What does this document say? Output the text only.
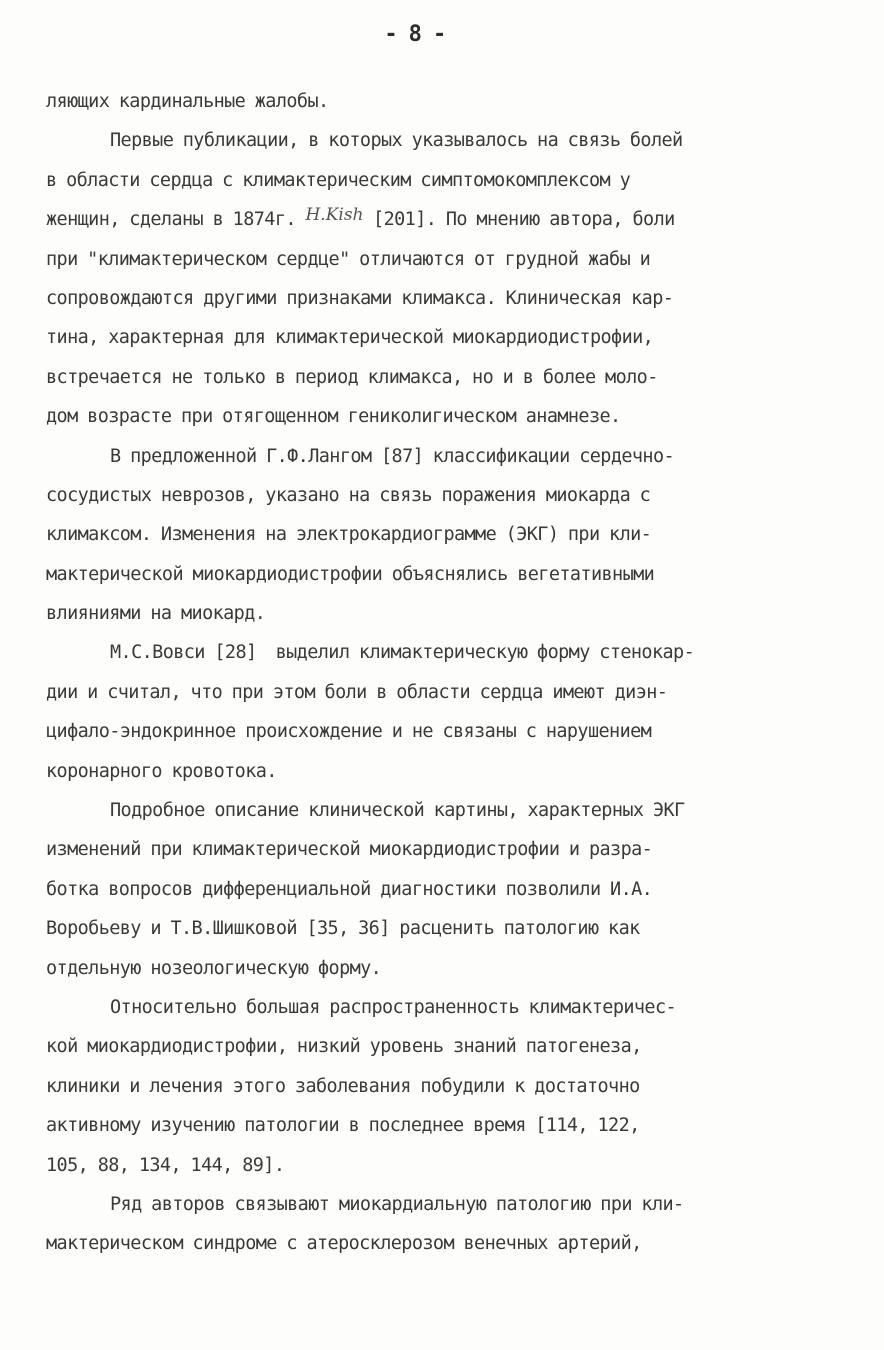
- 8 -
ляющих кардинальные жалобы.
Первые публикации, в которых указывалось на связь болей
в области сердца с климактерическим симптомокомплексом у
женщин, сделаны в 1874г. H.Kish [201]. По мнению автора, боли
при "климактерическом сердце" отличаются от грудной жабы и
сопровождаются другими признаками климакса. Клиническая кар-
тина, характерная для климактерической миокардиодистрофии,
встречается не только в период климакса, но и в более моло-
дом возрасте при отягощенном гениколигическом анамнезе.
В предложенной Г.Ф.Лангом [87] классификации сердечно-
сосудистых неврозов, указано на связь поражения миокарда с
климаксом. Изменения на электрокардиограмме (ЭКГ) при кли-
мактерической миокардиодистрофии объяснялись вегетативными
влияниями на миокард.
М.С.Вовси [28]  выделил климактерическую форму стенокар-
дии и считал, что при этом боли в области сердца имеют диэн-
цифало-эндокринное происхождение и не связаны с нарушением
коронарного кровотока.
Подробное описание клинической картины, характерных ЭКГ
изменений при климактерической миокардиодистрофии и разра-
ботка вопросов дифференциальной диагностики позволили И.А.
Воробьеву и Т.В.Шишковой [35, 36] расценить патологию как
отдельную нозеологическую форму.
Относительно большая распространенность климактеричес-
кой миокардиодистрофии, низкий уровень знаний патогенеза,
клиники и лечения этого заболевания побудили к достаточно
активному изучению патологии в последнее время [114, 122,
105, 88, 134, 144, 89].
Ряд авторов связывают миокардиальную патологию при кли-
мактерическом синдроме с атеросклерозом венечных артерий,
